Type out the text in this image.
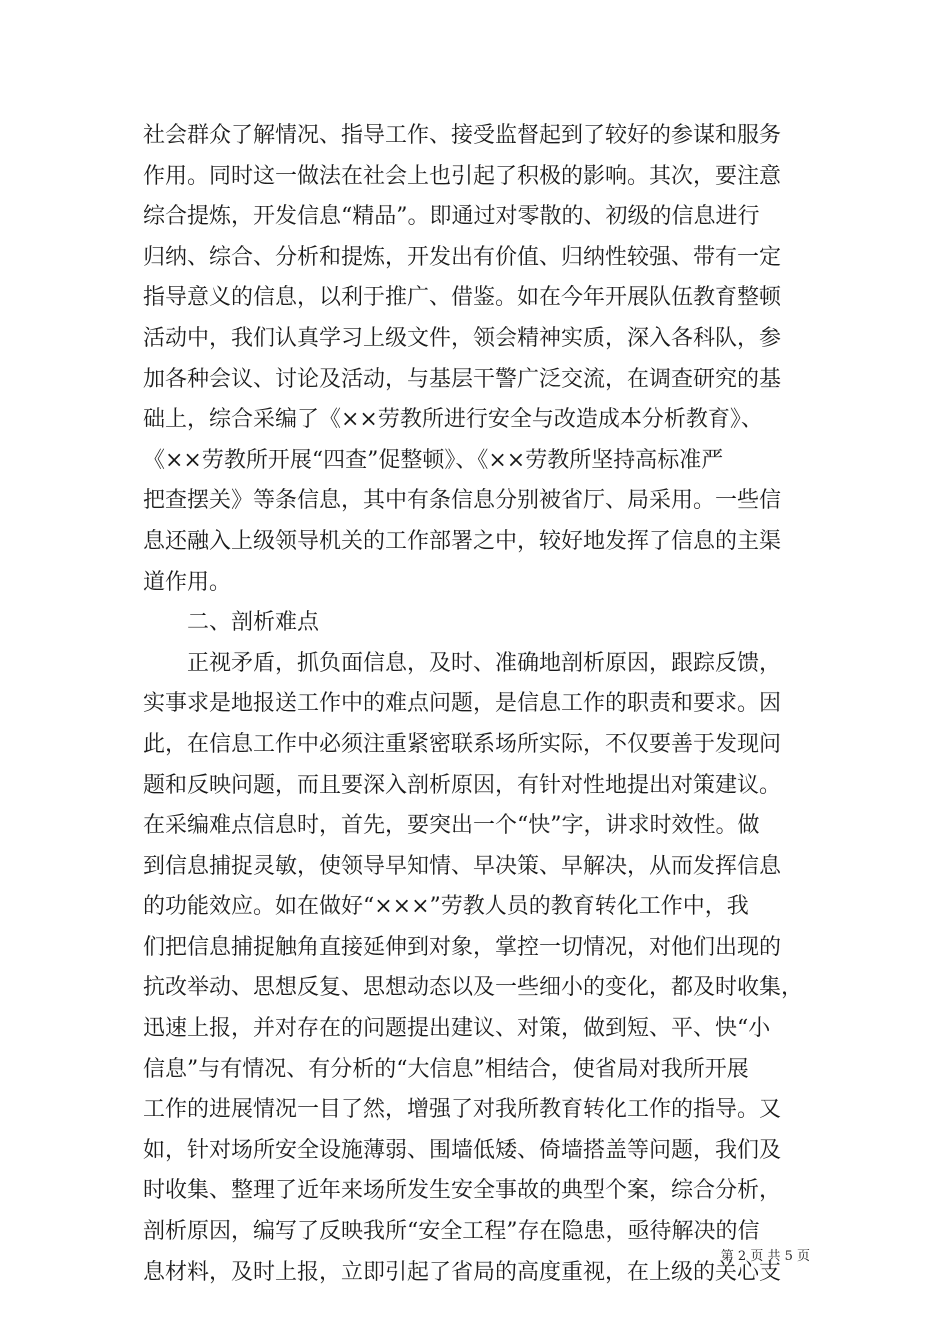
社会群众了解情况、指导工作、接受监督起到了较好的参谋和服务
作用。同时这一做法在社会上也引起了积极的影响。其次，要注意
综合提炼，开发信息“精品”。即通过对零散的、初级的信息进行
归纳、综合、分析和提炼，开发出有价值、归纳性较强、带有一定
指导意义的信息，以利于推广、借鉴。如在今年开展队伍教育整顿
活动中，我们认真学习上级文件，领会精神实质，深入各科队，参
加各种会议、讨论及活动，与基层干警广泛交流，在调查研究的基
础上，综合采编了《××劳教所进行安全与改造成本分析教育》、
《××劳教所开展“四查”促整顿》、《××劳教所坚持高标准严
把查摆关》等条信息，其中有条信息分别被省厅、局采用。一些信
息还融入上级领导机关的工作部署之中，较好地发挥了信息的主渠
道作用。
二、剖析难点
正视矛盾，抓负面信息，及时、准确地剖析原因，跟踪反馈，
实事求是地报送工作中的难点问题，是信息工作的职责和要求。因
此，在信息工作中必须注重紧密联系场所实际，不仅要善于发现问
题和反映问题，而且要深入剖析原因，有针对性地提出对策建议。
在采编难点信息时，首先，要突出一个“快”字，讲求时效性。做
到信息捕捉灵敏，使领导早知情、早决策、早解决，从而发挥信息
的功能效应。如在做好“×××”劳教人员的教育转化工作中，我
们把信息捕捉触角直接延伸到对象，掌控一切情况，对他们出现的
抗改举动、思想反复、思想动态以及一些细小的变化，都及时收集，
迅速上报，并对存在的问题提出建议、对策，做到短、平、快“小
信息”与有情况、有分析的“大信息”相结合，使省局对我所开展
工作的进展情况一目了然，增强了对我所教育转化工作的指导。又
如，针对场所安全设施薄弱、围墙低矮、倚墙搭盖等问题，我们及
时收集、整理了近年来场所发生安全事故的典型个案，综合分析，
剖析原因，编写了反映我所“安全工程”存在隐患，亟待解决的信
息材料，及时上报，立即引起了省局的高度重视，在上级的关心支
第 2 页 共 5 页
